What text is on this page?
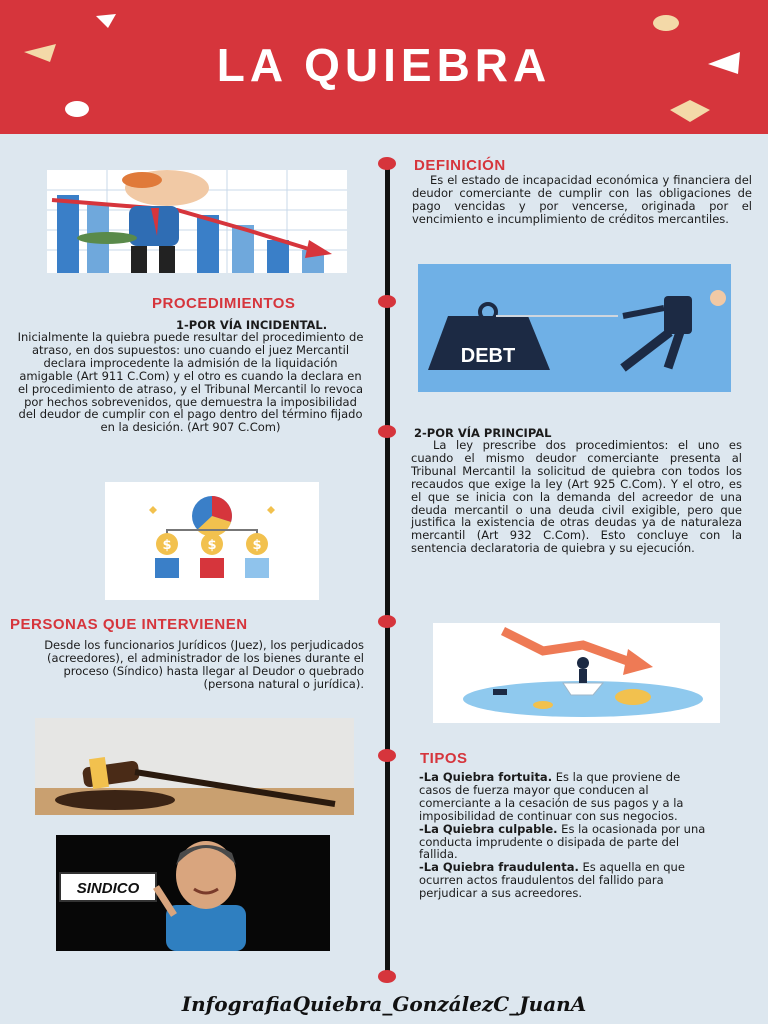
LA QUIEBRA
DEFINICIÓN

Es el estado de incapacidad económica y financiera del deudor comerciante de cumplir con las obligaciones de pago vencidas y por vencerse, originada por el vencimiento e incumplimiento de créditos mercantiles.

PROCEDIMIENTOS

1-POR VÍA INCIDENTAL.

Inicialmente la quiebra puede resultar del procedimiento de atraso, en dos supuestos: uno cuando el juez Mercantil declara improcedente la admisión de la liquidación amigable (Art 911 C.Com) y el otro es cuando la declara en el procedimiento de atraso, y el Tribunal Mercantil lo revoca por hechos sobrevenidos, que demuestra la imposibilidad del deudor de cumplir con el pago dentro del término fijado en la desición. (Art 907 C.Com)

DEBT
2-POR VÍA PRINCIPAL

La ley prescribe dos procedimientos: el uno es cuando el mismo deudor comerciante presenta al Tribunal Mercantil la solicitud de quiebra con todos los recaudos que exige la ley (Art 925 C.Com). Y el otro, es el que se inicia con la demanda del acreedor de una deuda mercantil o una deuda civil exigible, pero que justifica la existencia de otras deudas ya de naturaleza mercantil (Art 932 C.Com). Esto concluye con la sentencia declaratoria de quiebra y su ejecución.

$	$	$
PERSONAS QUE INTERVIENEN

Desde los funcionarios Jurídicos (Juez), los perjudicados (acreedores), el administrador de los bienes durante el proceso (Síndico) hasta llegar al Deudor o quebrado (persona natural o jurídica).

TIPOS
-La Quiebra fortuita. Es la que proviene de casos de fuerza mayor que conducen al comerciante a la cesación de sus pagos y a la imposibilidad de continuar con sus negocios.
-La Quiebra culpable. Es la ocasionada por una conducta imprudente o disipada de parte del fallida.
-La Quiebra fraudulenta. Es aquella en que ocurren actos fraudulentos del fallido para perjudicar a sus acreedores.
SINDICO
InfografiaQuiebra_GonzálezC_JuanA
